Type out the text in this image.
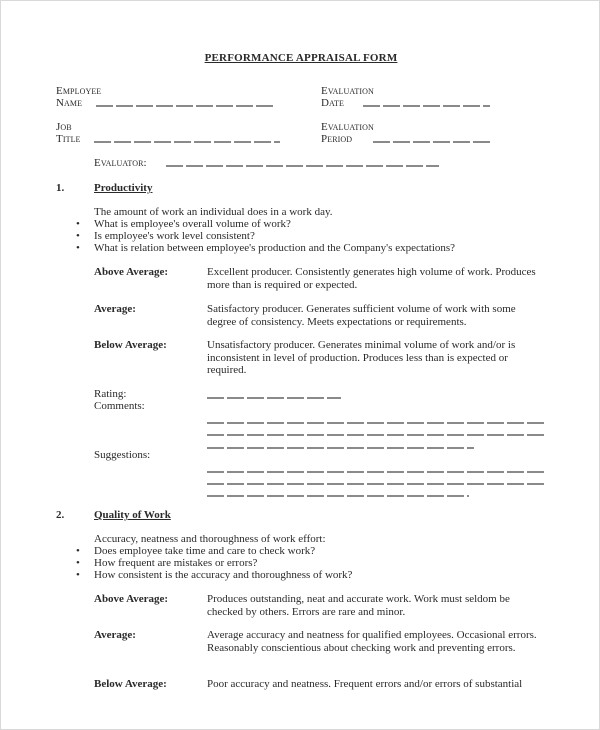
PERFORMANCE APPRAISAL FORM
Employee
Name
Evaluation
Date
Job
Title
Evaluation
Period
Evaluator:
1.	Productivity
The amount of work an individual does in a work day.
• What is employee's overall volume of work?
• Is employee's work level consistent?
• What is relation between employee's production and the Company's expectations?
Above Average:	Excellent producer. Consistently generates high volume of work. Produces more than is required or expected.
Average:	Satisfactory producer. Generates sufficient volume of work with some degree of consistency. Meets expectations or requirements.
Below Average:	Unsatisfactory producer. Generates minimal volume of work and/or is inconsistent in level of production. Produces less than is expected or required.
Rating:
Comments:
Suggestions:
2.	Quality of Work
Accuracy, neatness and thoroughness of work effort:
• Does employee take time and care to check work?
• How frequent are mistakes or errors?
• How consistent is the accuracy and thoroughness of work?
Above Average:	Produces outstanding, neat and accurate work. Work must seldom be checked by others. Errors are rare and minor.
Average:	Average accuracy and neatness for qualified employees. Occasional errors. Reasonably conscientious about checking work and preventing errors.
Below Average:	Poor accuracy and neatness. Frequent errors and/or errors of substantial
